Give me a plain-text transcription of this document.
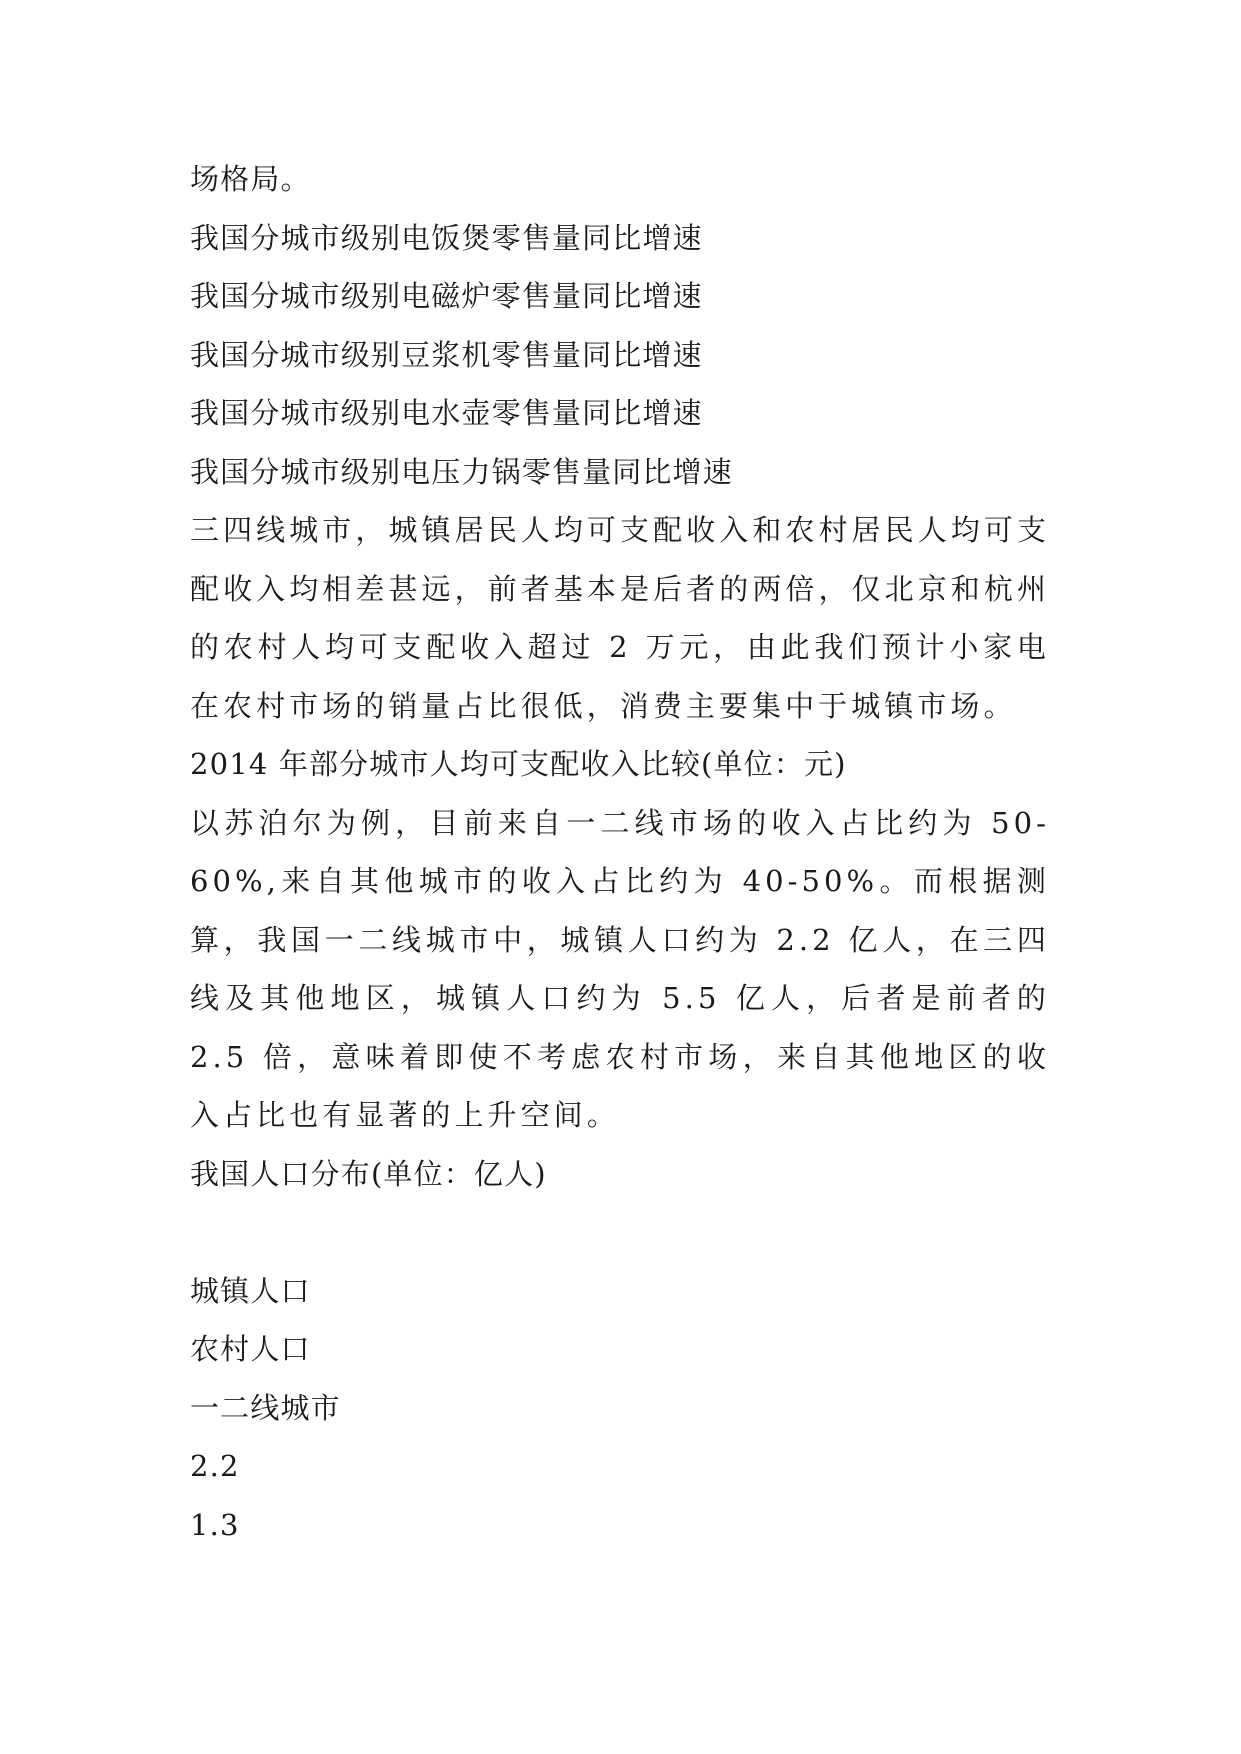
场格局。

我国分城市级别电饭煲零售量同比增速

我国分城市级别电磁炉零售量同比增速

我国分城市级别豆浆机零售量同比增速

我国分城市级别电水壶零售量同比增速

我国分城市级别电压力锅零售量同比增速

三四线城市，城镇居民人均可支配收入和农村居民人均可支配收入均相差甚远，前者基本是后者的两倍，仅北京和杭州的农村人均可支配收入超过 2 万元，由此我们预计小家电在农村市场的销量占比很低，消费主要集中于城镇市场。

2014 年部分城市人均可支配收入比较(单位：元)

以苏泊尔为例，目前来自一二线市场的收入占比约为 50-60%,来自其他城市的收入占比约为 40-50%。而根据测算，我国一二线城市中，城镇人口约为 2.2 亿人，在三四线及其他地区，城镇人口约为 5.5 亿人，后者是前者的 2.5 倍，意味着即使不考虑农村市场，来自其他地区的收入占比也有显著的上升空间。

我国人口分布(单位：亿人)

城镇人口

农村人口

一二线城市

2.2

1.3
